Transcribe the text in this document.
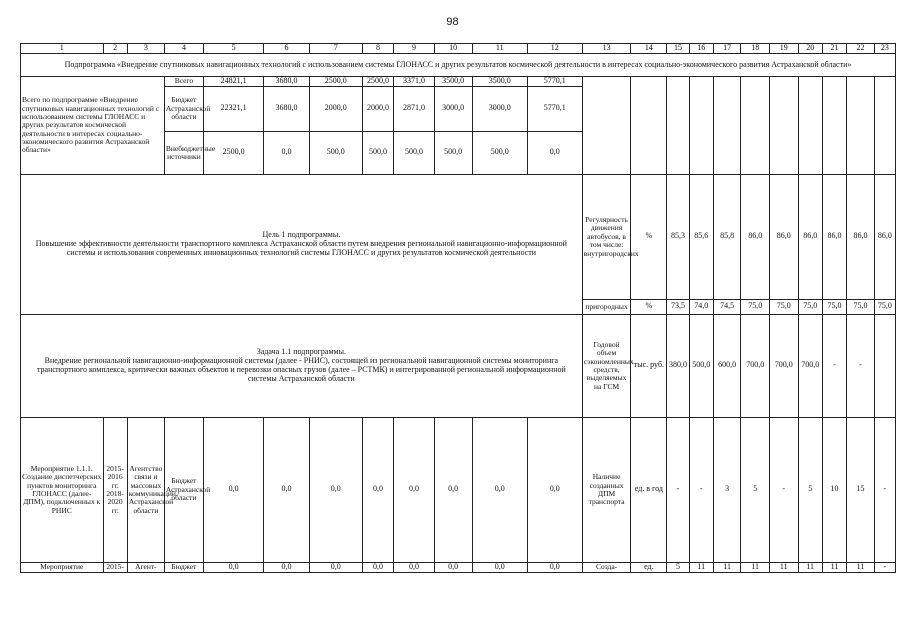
98
1	2	3	4	5	6	7	8	9	10	11	12	13	14	15	16	17	18	19	20	21	22	23
Подпрограмма «Внедрение спутниковых навигационных технологий с использованием системы ГЛОНАСС и других результатов космической деятельности в интересах социально-экономического развития Астраханской области»																						
Всего по подпрограмме «Внедрение спутниковых навигационных технологий с использованием системы ГЛОНАСС и других результатов космической деятельности в интересах социально-экономического развития Астраханской области»			Всего	24821,1	3680,0	2500,0	2500,0	3371,0	3500,0	3500,0	5770,1											
			Бюджет Астраханской области	22321,1	3680,0	2000,0	2000,0	2871,0	3000,0	3000,0	5770,1											
			Внебюджетные источники	2500,0	0,0	500,0	500,0	500,0	500,0	500,0	0,0											
Цель 1 подпрограммы.
Повышение эффективности деятельности транспортного комплекса Астраханской области путем внедрения региональной навигационно-информационной системы и использования современных инновационных технологий системы ГЛОНАСС и других результатов космической деятельности												Регулярность движения автобусов, в том числе: внутригородских	%	85,3	85,6	85,8	86,0	86,0	86,0	86,0	86,0	86,0
												пригородных	%	73,5	74,0	74,5	75,0	75,0	75,0	75,0	75,0	75,0
Задача 1.1 подпрограммы.
Внедрение региональной навигационно-информационной системы (далее - РНИС), состоящей из региональной навигационной системы мониторинга транспортного комплекса, критически важных объектов и перевозки опасных грузов (далее – РСТМК) и интегрированной региональной информационной системы Астраханской области												Годовой объем сэкономленных средств, выделяемых на ГСМ	тыс. руб.	380,0	500,0	600,0	700,0	700,0	700,0	-	-	
Мероприятие 1.1.1. Создание диспетчерских пунктов мониторинга ГЛОНАСС (далее-ДПМ), подключенных к РНИС	2015-2016 гг. 2018-2020 гг.	Агентство связи и массовых коммуникаций Астраханской области	Бюджет Астраханской области	0,0	0,0	0,0	0,0	0,0	0,0	0,0	0,0	Наличие созданных ДПМ транспорта	ед. в год	-	-	3	5	-	5	10	15	-
Мероприятие	2015-	Агент-	Бюджет	0,0	0,0	0,0	0,0	0,0	0,0	0,0	0,0	Созда-	ед.	5	11	11	11	11	11	11	11	-
